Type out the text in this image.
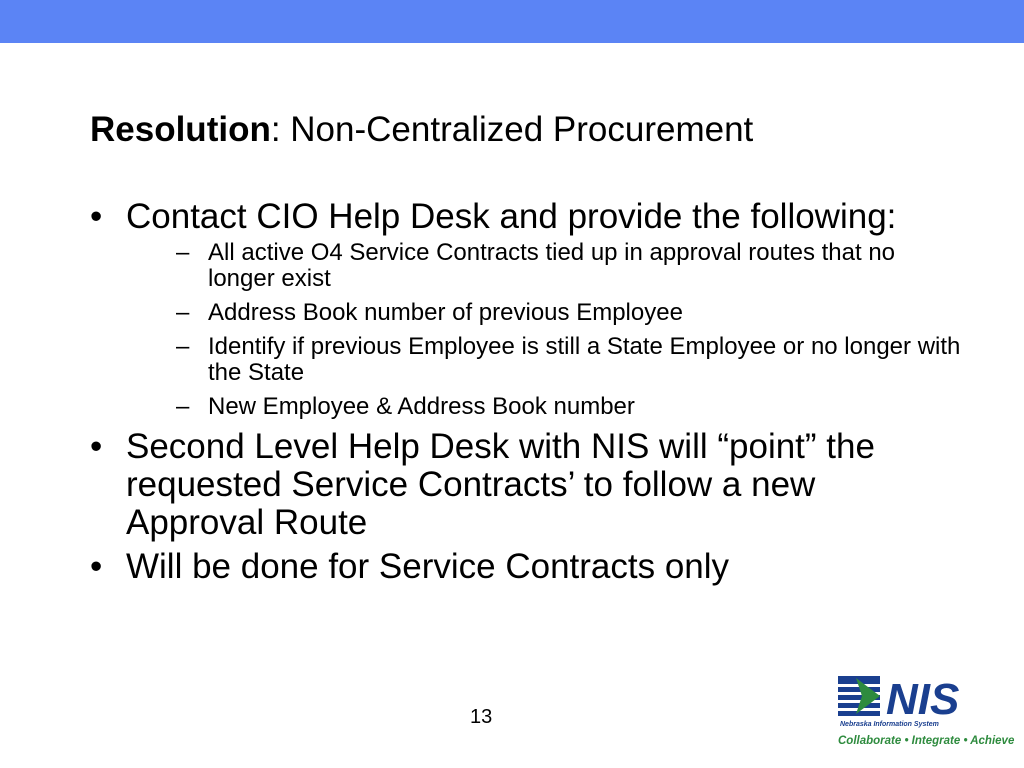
Resolution: Non-Centralized Procurement
• Contact CIO Help Desk and provide the following:
– All active O4 Service Contracts tied up in approval routes that no longer exist
– Address Book number of previous Employee
– Identify if previous Employee is still a State Employee or no longer with the State
– New Employee & Address Book number
• Second Level Help Desk with NIS will “point” the requested Service Contracts’ to follow a new Approval Route
• Will be done for Service Contracts only
13	NIS
Nebraska Information System
Collaborate • Integrate • Achieve
